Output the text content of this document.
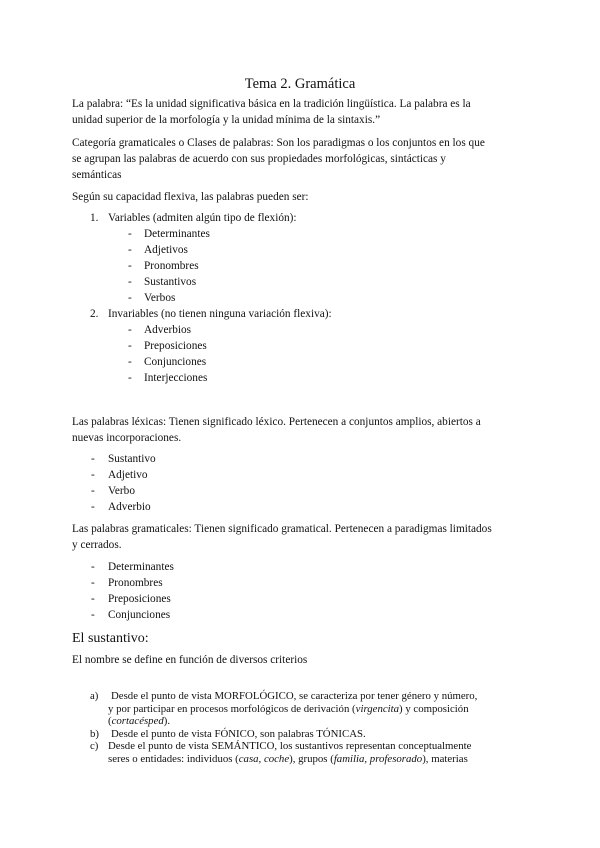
Tema 2. Gramática
La palabra: “Es la unidad significativa básica en la tradición lingüística. La palabra es la
unidad superior de la morfología y la unidad mínima de la sintaxis.”
Categoría gramaticales o Clases de palabras: Son los paradigmas o los conjuntos en los que
se agrupan las palabras de acuerdo con sus propiedades morfológicas, sintácticas y
semánticas
Según su capacidad flexiva, las palabras pueden ser:
1. Variables (admiten algún tipo de flexión):
- Determinantes
- Adjetivos
- Pronombres
- Sustantivos
- Verbos
2. Invariables (no tienen ninguna variación flexiva):
- Adverbios
- Preposiciones
- Conjunciones
- Interjecciones
Las palabras léxicas: Tienen significado léxico. Pertenecen a conjuntos amplios, abiertos a
nuevas incorporaciones.
- Sustantivo
- Adjetivo
- Verbo
- Adverbio
Las palabras gramaticales: Tienen significado gramatical. Pertenecen a paradigmas limitados
y cerrados.
- Determinantes
- Pronombres
- Preposiciones
- Conjunciones
El sustantivo:
El nombre se define en función de diversos criterios
a) Desde el punto de vista MORFOLÓGICO, se caracteriza por tener género y número,
y por participar en procesos morfológicos de derivación (virgencita) y composición
(cortacésped).
b) Desde el punto de vista FÓNICO, son palabras TÓNICAS.
c) Desde el punto de vista SEMÁNTICO, los sustantivos representan conceptualmente
seres o entidades: individuos (casa, coche), grupos (familia, profesorado), materias
